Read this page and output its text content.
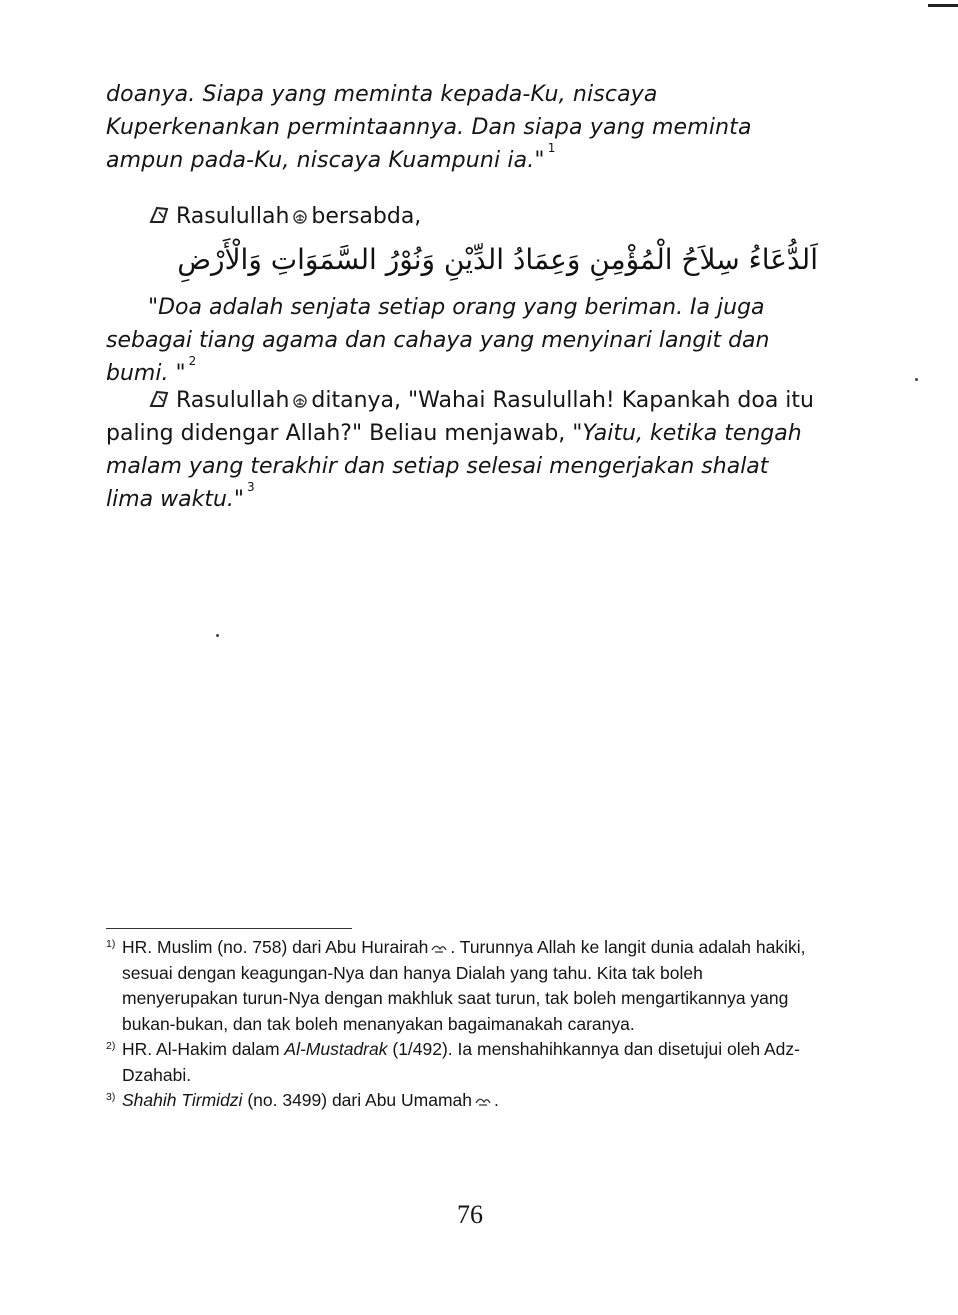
doanya. Siapa yang meminta kepada-Ku, niscaya Kuperkenankan permintaannya. Dan siapa yang meminta ampun pada-Ku, niscaya Kuampuni ia." $^1$
Rasulullah bersabda,
اَلدُّعَاءُ سِلاَحُ الْمُؤْمِنِ وَعِمَادُ الدِّيْنِ وَنُوْرُ السَّمَوَاتِ وَالْأَرْضِ
"Doa adalah senjata setiap orang yang beriman. Ia juga sebagai tiang agama dan cahaya yang menyinari langit dan bumi. " $^2$
Rasulullah ditanya, "Wahai Rasulullah! Kapankah doa itu paling didengar Allah?" Beliau menjawab, "Yaitu, ketika tengah malam yang terakhir dan setiap selesai mengerjakan shalat lima waktu." $^3$
1) HR. Muslim (no. 758) dari Abu Hurairah . Turunnya Allah ke langit dunia adalah hakiki, sesuai dengan keagungan-Nya dan hanya Dialah yang tahu. Kita tak boleh menyerupakan turun-Nya dengan makhluk saat turun, tak boleh mengartikannya yang bukan-bukan, dan tak boleh menanyakan bagaimanakah caranya.
2) HR. Al-Hakim dalam Al-Mustadrak (1/492). Ia menshahihkannya dan disetujui oleh Adz-Dzahabi.
3) Shahih Tirmidzi (no. 3499) dari Abu Umamah .
76
